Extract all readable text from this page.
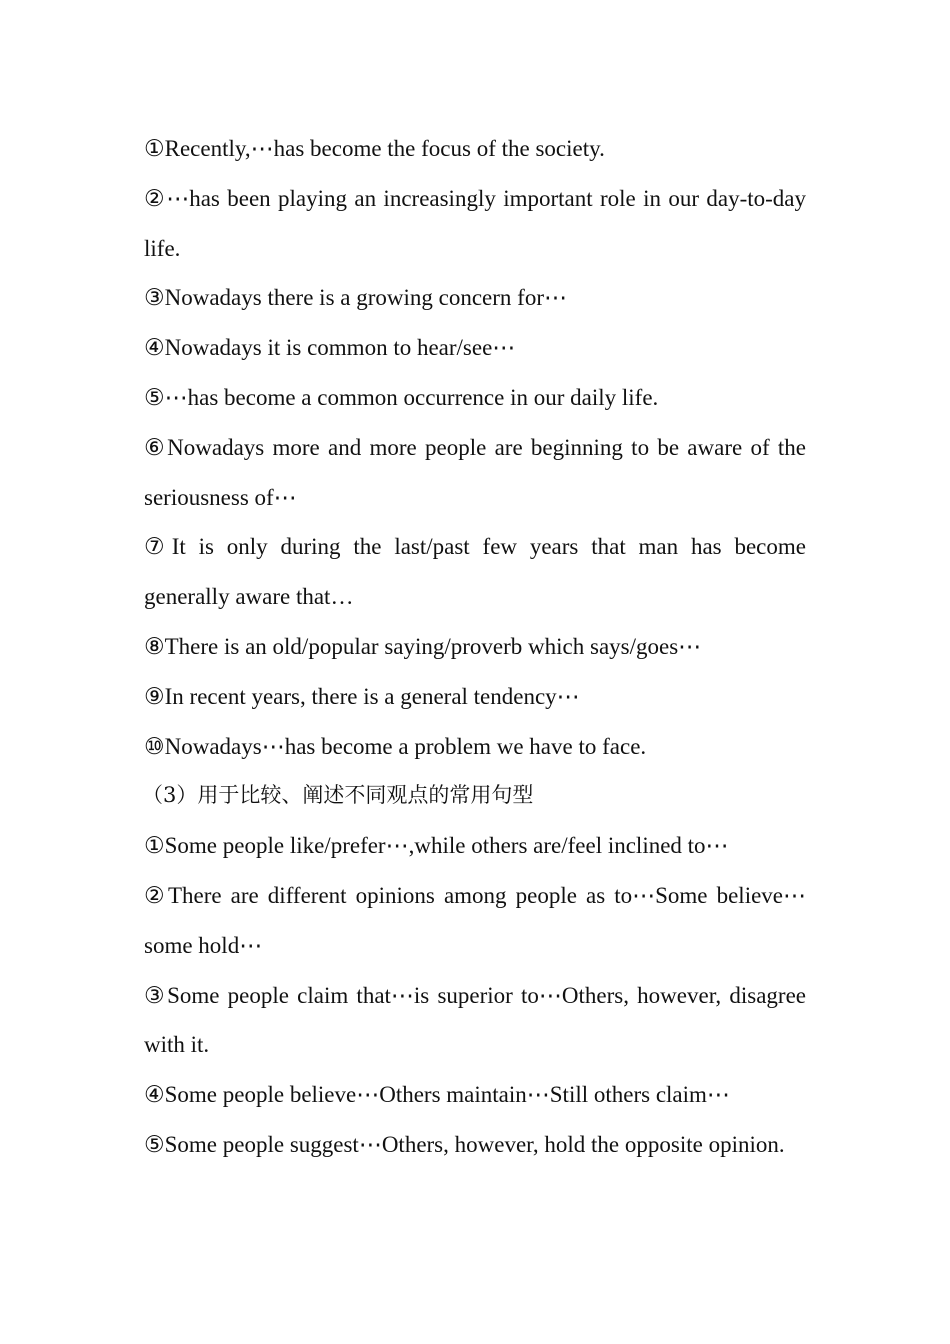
①Recently,⋯has become the focus of the society.

②⋯has been playing an increasingly important role in our day-to-day life.

③Nowadays there is a growing concern for⋯

④Nowadays it is common to hear/see⋯

⑤⋯has become a common occurrence in our daily life.

⑥Nowadays more and more people are beginning to be aware of the seriousness of⋯

⑦It is only during the last/past few years that man has become generally aware that…

⑧There is an old/popular saying/proverb which says/goes⋯

⑨In recent years, there is a general tendency⋯

⑩Nowadays⋯has become a problem we have to face.

（3）用于比较、阐述不同观点的常用句型

①Some people like/prefer⋯,while others are/feel inclined to⋯

②There are different opinions among people as to⋯Some believe⋯some hold⋯

③Some people claim that⋯is superior to⋯Others, however, disagree with it.

④Some people believe⋯Others maintain⋯Still others claim⋯

⑤Some people suggest⋯Others, however, hold the opposite opinion.
